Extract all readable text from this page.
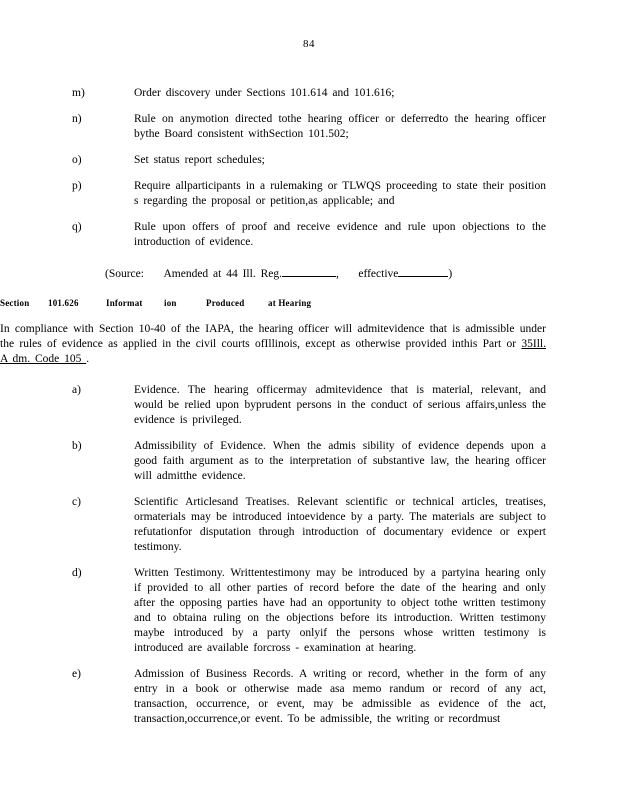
84
m)	Order discovery under Sections 101.614 and 101.616;
n)	Rule on anymotion directed tothe hearing officer or deferredto the hearing officer bythe Board consistent withSection 101.502;
o)	Set status report schedules;
p)	Require allparticipants in a rulemaking or TLWQS proceeding to state their position s regarding the proposal or petition,as applicable; and
q)	Rule upon offers of proof and receive evidence and rule upon objections to the introduction of evidence.
(Source: Amended at 44 Ill. Reg.	,    effective	)
Section	101.626	Informat	ion	Produced	at Hearing
In compliance with Section 10-40 of the IAPA, the hearing officer will admitevidence that is admissible under the rules of evidence as applied in the civil courts ofIllinois, except as otherwise provided inthis Part or 35Ill. A dm. Code 105 .
a)	Evidence. The hearing officermay admitevidence that is material, relevant, and would be relied upon byprudent persons in the conduct of serious affairs,unless the evidence is privileged.
b)	Admissibility of Evidence. When the admis sibility of evidence depends upon a good faith argument as to the interpretation of substantive law, the hearing officer will admitthe evidence.
c)	Scientific Articlesand Treatises. Relevant scientific or technical articles, treatises, ormaterials may be introduced intoevidence by a party. The materials are subject to refutationfor disputation through introduction of documentary evidence or expert testimony.
d)	Written Testimony. Writtentestimony may be introduced by a partyina hearing only if provided to all other parties of record before the date of the hearing and only after the opposing parties have had an opportunity to object tothe written testimony and to obtaina ruling on the objections before its introduction. Written testimony maybe introduced by a party onlyif the persons whose written testimony is introduced are available forcross - examination at hearing.
e)	Admission of Business Records. A writing or record, whether in the form of any entry in a book or otherwise made asa memo randum or record of any act, transaction, occurrence, or event, may be admissible as evidence of the act, transaction,occurrence,or event. To be admissible, the writing or recordmust
